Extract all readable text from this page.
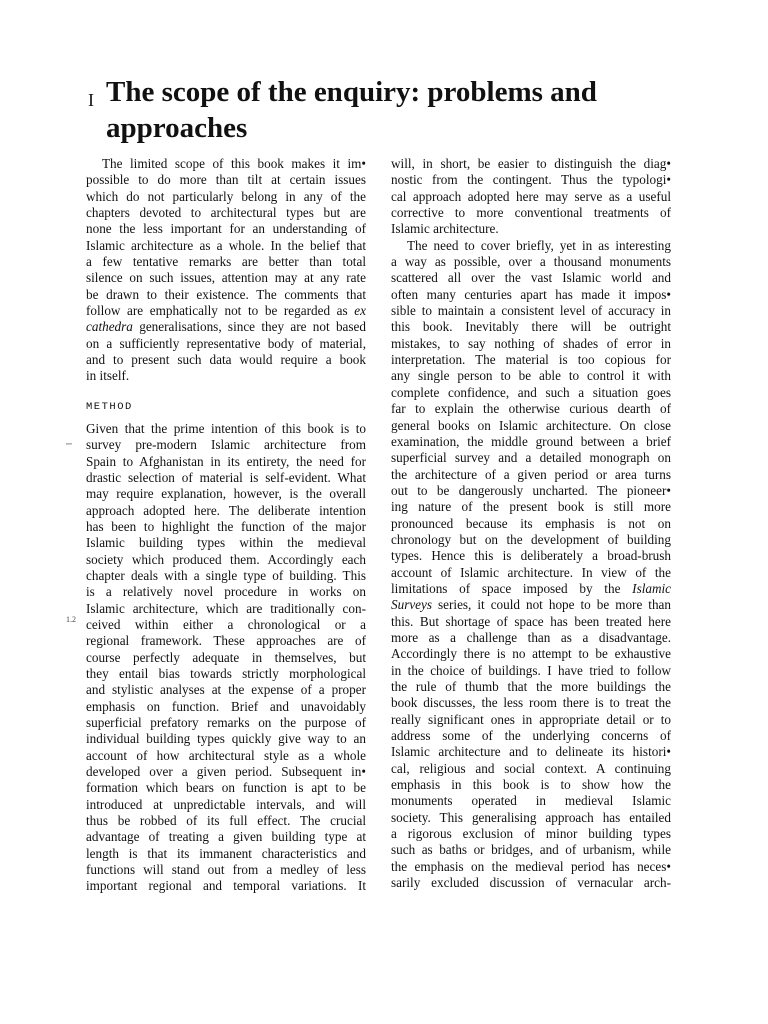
I The scope of the enquiry: problems and
approaches
,,,
1.2
The limited scope of this book makes it im•
possible to do more than tilt at certain issues
which do not particularly belong in any of the
chapters devoted to architectural types but are
none the less important for an understanding of
Islamic architecture as a whole. In the belief that
a few tentative remarks are better than total
silence on such issues, attention may at any rate
be drawn to their existence. The comments that
follow are emphatically not to be regarded as ex
cathedra generalisations, since they are not based
on a sufficiently representative body of material,
and to present such data would require a book
in itself.
METHOD
Given that the prime intention of this book is to
survey pre-modern Islamic architecture from
Spain to Afghanistan in its entirety, the need for
drastic selection of material is self-evident. What
may require explanation, however, is the overall
approach adopted here. The deliberate intention
has been to highlight the function of the major
Islamic building types within the medieval
society which produced them. Accordingly each
chapter deals with a single type of building. This
is a relatively novel procedure in works on
Islamic architecture, which are traditionally con-
ceived within either a chronological or a
regional framework. These approaches are of
course perfectly adequate in themselves, but
they entail bias towards strictly morphological
and stylistic analyses at the expense of a proper
emphasis on function. Brief and unavoidably
superficial prefatory remarks on the purpose of
individual building types quickly give way to an
account of how architectural style as a whole
developed over a given period. Subsequent in•
formation which bears on function is apt to be
introduced at unpredictable intervals, and will
thus be robbed of its full effect. The crucial
advantage of treating a given building type at
length is that its immanent characteristics and
functions will stand out from a medley of less
important regional and temporal variations. It
will, in short, be easier to distinguish the diag•
nostic from the contingent. Thus the typologi•
cal approach adopted here may serve as a useful
corrective to more conventional treatments of
Islamic architecture.
The need to cover briefly, yet in as interesting
a way as possible, over a thousand monuments
scattered all over the vast Islamic world and
often many centuries apart has made it impos•
sible to maintain a consistent level of accuracy in
this book. Inevitably there will be outright
mistakes, to say nothing of shades of error in
interpretation. The material is too copious for
any single person to be able to control it with
complete confidence, and such a situation goes
far to explain the otherwise curious dearth of
general books on Islamic architecture. On close
examination, the middle ground between a brief
superficial survey and a detailed monograph on
the architecture of a given period or area turns
out to be dangerously uncharted. The pioneer•
ing nature of the present book is still more
pronounced because its emphasis is not on
chronology but on the development of building
types. Hence this is deliberately a broad-brush
account of Islamic architecture. In view of the
limitations of space imposed by the Islamic
Surveys series, it could not hope to be more than
this. But shortage of space has been treated here
more as a challenge than as a disadvantage.
Accordingly there is no attempt to be exhaustive
in the choice of buildings. I have tried to follow
the rule of thumb that the more buildings the
book discusses, the less room there is to treat the
really significant ones in appropriate detail or to
address some of the underlying concerns of
Islamic architecture and to delineate its histori•
cal, religious and social context. A continuing
emphasis in this book is to show how the
monuments operated in medieval Islamic
society. This generalising approach has entailed
a rigorous exclusion of minor building types
such as baths or bridges, and of urbanism, while
the emphasis on the medieval period has neces•
sarily excluded discussion of vernacular arch-
